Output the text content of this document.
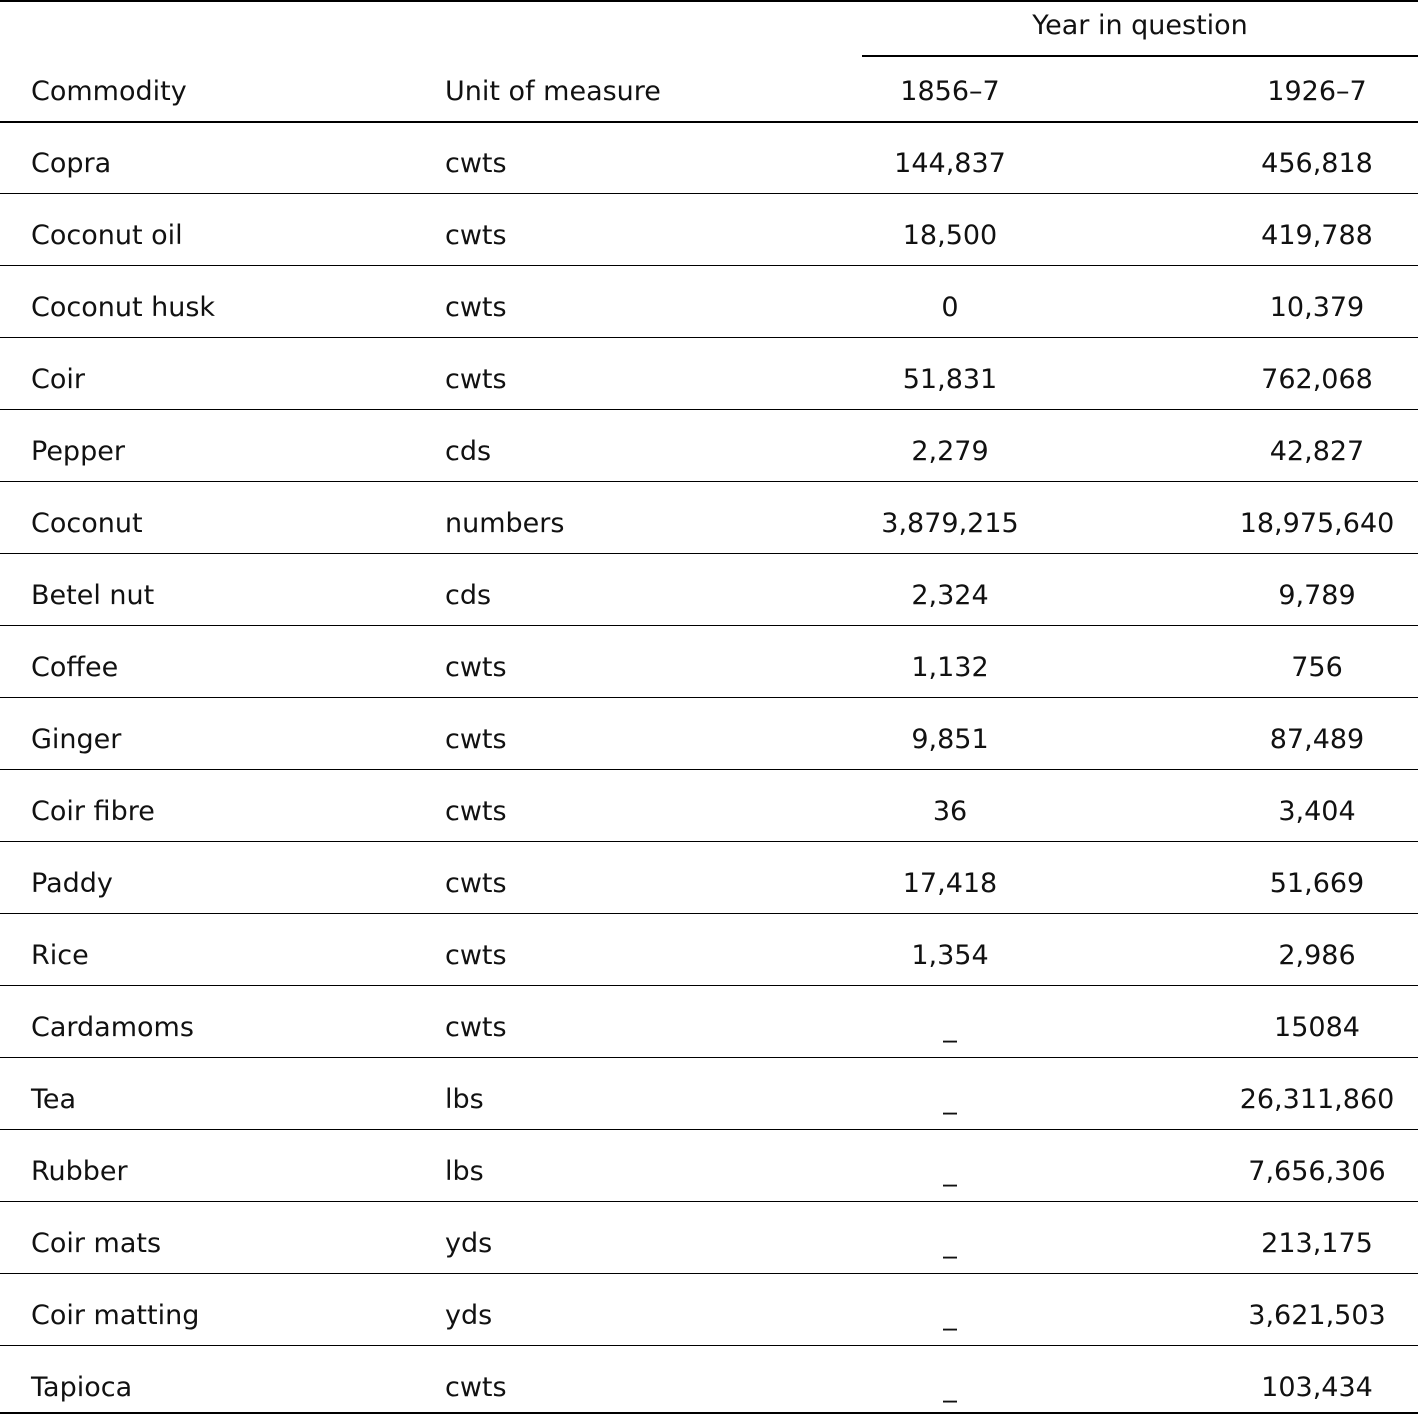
Year in question
Commodity	Unit of measure	1856–7	1926–7
Copra	cwts	144,837	456,818
Coconut oil	cwts	18,500	419,788
Coconut husk	cwts	0	10,379
Coir	cwts	51,831	762,068
Pepper	cds	2,279	42,827
Coconut	numbers	3,879,215	18,975,640
Betel nut	cds	2,324	9,789
Coffee	cwts	1,132	756
Ginger	cwts	9,851	87,489
Coir fibre	cwts	36	3,404
Paddy	cwts	17,418	51,669
Rice	cwts	1,354	2,986
Cardamoms	cwts	_	15084
Tea	lbs	_	26,311,860
Rubber	lbs	_	7,656,306
Coir mats	yds	_	213,175
Coir matting	yds	_	3,621,503
Tapioca	cwts	_	103,434
